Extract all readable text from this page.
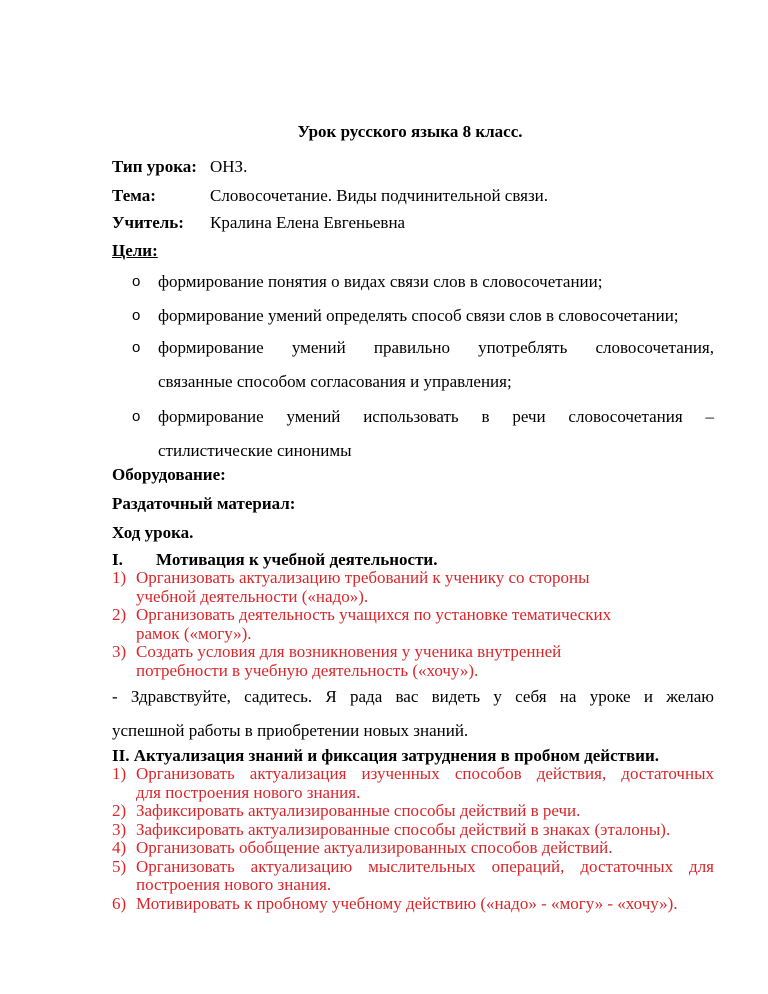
Урок русского языка 8 класс.
Тип урока: ОНЗ.
Тема:	Словосочетание. Виды подчинительной связи.
Учитель: Кралина Елена Евгеньевна
Цели:
o формирование понятия о видах связи слов в словосочетании;
o формирование умений определять способ связи слов в словосочетании;
o формирование умений правильно употреблять словосочетания,
связанные способом согласования и управления;
o формирование умений использовать в речи словосочетания –
стилистические синонимы
Оборудование:
Раздаточный материал:
Ход урока.
I. Мотивация к учебной деятельности.
1) Организовать актуализацию требований к ученику со стороны
учебной деятельности («надо»).
2) Организовать деятельность учащихся по установке тематических
рамок («могу»).
3) Создать условия для возникновения у ученика внутренней
потребности в учебную деятельность («хочу»).
- Здравствуйте, садитесь. Я рада вас видеть у себя на уроке и желаю
успешной работы в приобретении новых знаний.
II. Актуализация знаний и фиксация затруднения в пробном действии.
1) Организовать актуализация изученных способов действия, достаточных
для построения нового знания.
2) Зафиксировать актуализированные способы действий в речи.
3) Зафиксировать актуализированные способы действий в знаках (эталоны).
4) Организовать обобщение актуализированных способов действий.
5) Организовать актуализацию мыслительных операций, достаточных для
построения нового знания.
6) Мотивировать к пробному учебному действию («надо» - «могу» - «хочу»).
